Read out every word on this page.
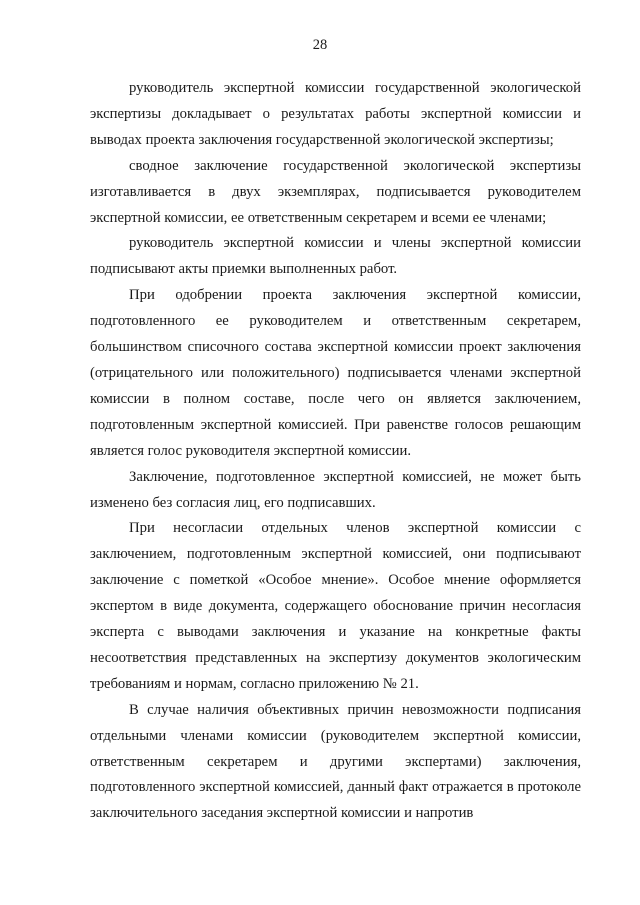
28

руководитель экспертной комиссии государственной экологической экспертизы докладывает о результатах работы экспертной комиссии и выводах проекта заключения государственной экологической экспертизы;

сводное заключение государственной экологической экспертизы изготавливается в двух экземплярах, подписывается руководителем экспертной комиссии, ее ответственным секретарем и всеми ее членами;

руководитель экспертной комиссии и члены экспертной комиссии подписывают акты приемки выполненных работ.

При одобрении проекта заключения экспертной комиссии, подготовленного ее руководителем и ответственным секретарем, большинством списочного состава экспертной комиссии проект заключения (отрицательного или положительного) подписывается членами экспертной комиссии в полном составе, после чего он является заключением, подготовленным экспертной комиссией. При равенстве голосов решающим является голос руководителя экспертной комиссии.

Заключение, подготовленное экспертной комиссией, не может быть изменено без согласия лиц, его подписавших.

При несогласии отдельных членов экспертной комиссии с заключением, подготовленным экспертной комиссией, они подписывают заключение с пометкой «Особое мнение». Особое мнение оформляется экспертом в виде документа, содержащего обоснование причин несогласия эксперта с выводами заключения и указание на конкретные факты несоответствия представленных на экспертизу документов экологическим требованиям и нормам, согласно приложению № 21.

В случае наличия объективных причин невозможности подписания отдельными членами комиссии (руководителем экспертной комиссии, ответственным секретарем и другими экспертами) заключения, подготовленного экспертной комиссией, данный факт отражается в протоколе заключительного заседания экспертной комиссии и напротив
